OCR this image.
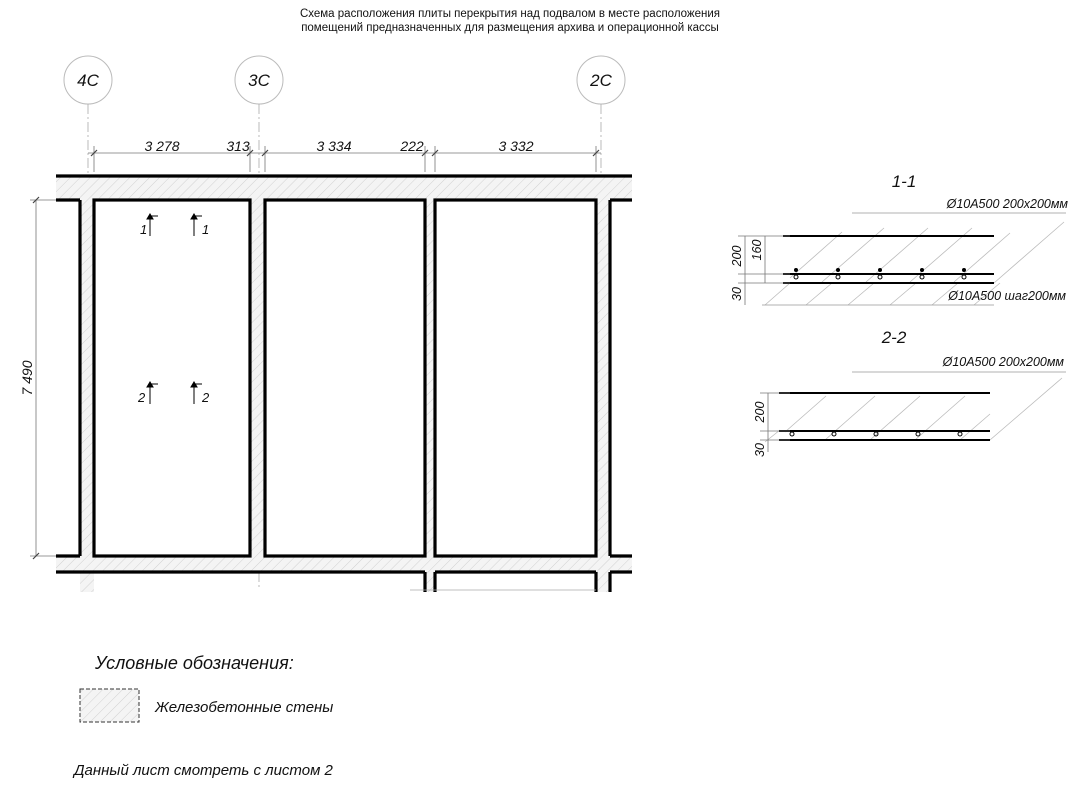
Схема расположения плиты перекрытия над подвалом в месте расположения
помещений предназначенных для размещения архива и операционной кассы
4С	3С	2С
3 278	313	3 334	222	3 332
7 490
1	1
2	2
1-1
Ø10А500 200х200мм
Ø10А500 шаг200мм
200 160
30
2-2
Ø10А500 200х200мм
200
30
Условные обозначения:
Железобетонные стены
Данный лист смотреть с листом 2
